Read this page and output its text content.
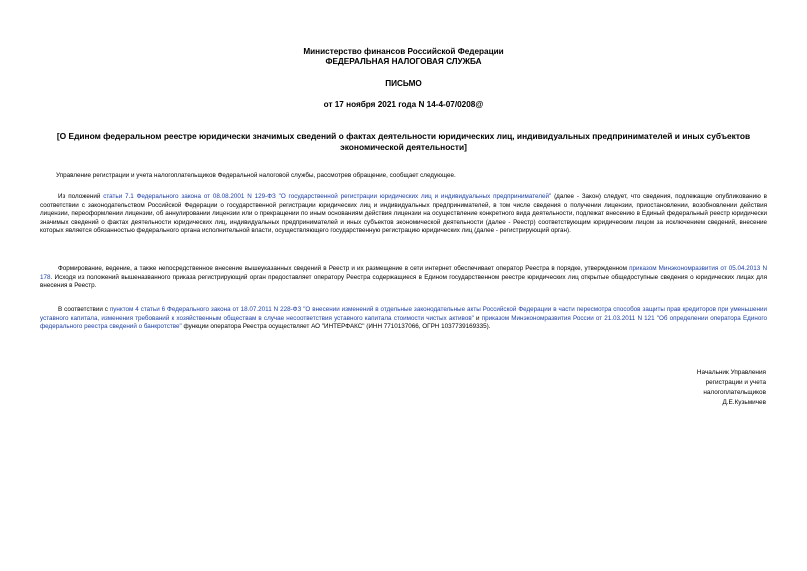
Министерство финансов Российской Федерации
ФЕДЕРАЛЬНАЯ НАЛОГОВАЯ СЛУЖБА
ПИСЬМО
от 17 ноября 2021 года N 14-4-07/0208@
[О Едином федеральном реестре юридически значимых сведений о фактах деятельности юридических лиц, индивидуальных предпринимателей и иных субъектов экономической деятельности]

Управление регистрации и учета налогоплательщиков Федеральной налоговой службы, рассмотрев обращение, сообщает следующее.

Из положений статьи 7.1 Федерального закона от 08.08.2001 N 129-ФЗ "О государственной регистрации юридических лиц и индивидуальных предпринимателей" (далее - Закон) следует, что сведения, подлежащие опубликованию в соответствии с законодательством Российской Федерации о государственной регистрации юридических лиц и индивидуальных предпринимателей, в том числе сведения о получении лицензии, приостановлении, возобновлении действия лицензии, переоформлении лицензии, об аннулировании лицензии или о прекращении по иным основаниям действия лицензии на осуществление конкретного вида деятельности, подлежат внесению в Единый федеральный реестр юридически значимых сведений о фактах деятельности юридических лиц, индивидуальных предпринимателей и иных субъектов экономической деятельности (далее - Реестр) соответствующим юридическим лицом за исключением сведений, внесение которых является обязанностью федерального органа исполнительной власти, осуществляющего государственную регистрацию юридических лиц (далее - регистрирующий орган).

Формирование, ведение, а также непосредственное внесение вышеуказанных сведений в Реестр и их размещение в сети интернет обеспечивает оператор Реестра в порядке, утвержденном приказом Минэкономразвития от 05.04.2013 N 178. Исходя из положений вышеназванного приказа регистрирующий орган предоставляет оператору Реестра содержащиеся в Едином государственном реестре юридических лиц открытые общедоступные сведения о юридических лицах для внесения в Реестр.

В соответствии с пунктом 4 статьи 6 Федерального закона от 18.07.2011 N 228-ФЗ "О внесении изменений в отдельные законодательные акты Российской Федерации в части пересмотра способов защиты прав кредиторов при уменьшении уставного капитала, изменения требований к хозяйственным обществам в случае несоответствия уставного капитала стоимости чистых активов" и приказом Минэкономразвития России от 21.03.2011 N 121 "Об определении оператора Единого федерального реестра сведений о банкротстве" функции оператора Реестра осуществляет АО "ИНТЕРФАКС" (ИНН 7710137066, ОГРН 1037739169335).

Начальник Управления
регистрации и учета
налогоплательщиков
Д.Е.Кузьмичев
